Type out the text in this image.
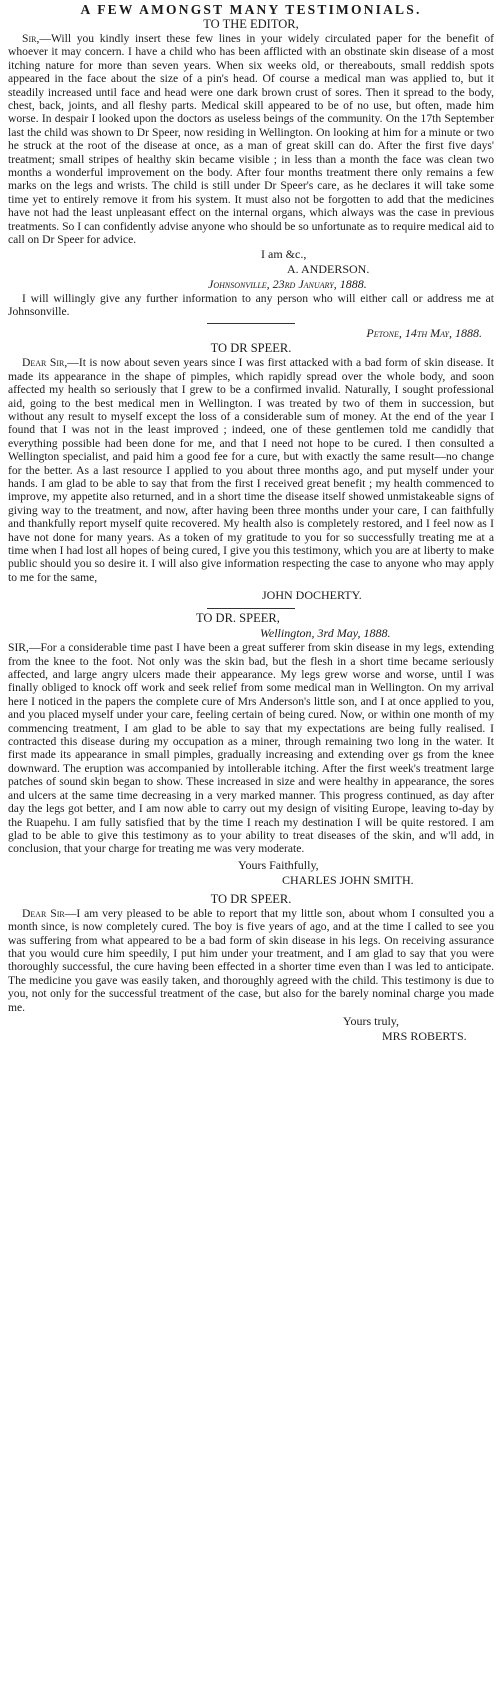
A FEW AMONGST MANY TESTIMONIALS.

TO THE EDITOR,

Sir,—Will you kindly insert these few lines in your widely circulated paper for the benefit of whoever it may concern. I have a child who has been afflicted with an obstinate skin disease of a most itching nature for more than seven years. When six weeks old, or thereabouts, small reddish spots appeared in the face about the size of a pin's head. Of course a medical man was applied to, but it steadily increased until face and head were one dark brown crust of sores. Then it spread to the body, chest, back, joints, and all fleshy parts. Medical skill appeared to be of no use, but often, made him worse. In despair I looked upon the doctors as useless beings of the community. On the 17th September last the child was shown to Dr Speer, now residing in Wellington. On looking at him for a minute or two he struck at the root of the disease at once, as a man of great skill can do. After the first five days' treatment; small stripes of healthy skin became visible ; in less than a month the face was clean two months a wonderful improvement on the body. After four months treatment there only remains a few marks on the legs and wrists. The child is still under Dr Speer's care, as he declares it will take some time yet to entirely remove it from his system. It must also not be forgotten to add that the medicines have not had the least unpleasant effect on the internal organs, which always was the case in previous treatments. So I can confidently advise anyone who should be so unfortunate as to require medical aid to call on Dr Speer for advice.

I am &c.,

A. ANDERSON.

Johnsonville, 23rd January, 1888.

I will willingly give any further information to any person who will either call or address me at Johnsonville.

Petone, 14th May, 1888.

TO DR SPEER.

Dear Sir,—It is now about seven years since I was first attacked with a bad form of skin disease. It made its appearance in the shape of pimples, which rapidly spread over the whole body, and soon affected my health so seriously that I grew to be a confirmed invalid. Naturally, I sought professional aid, going to the best medical men in Wellington. I was treated by two of them in succession, but without any result to myself except the loss of a considerable sum of money. At the end of the year I found that I was not in the least improved ; indeed, one of these gentlemen told me candidly that everything possible had been done for me, and that I need not hope to be cured. I then consulted a Wellington specialist, and paid him a good fee for a cure, but with exactly the same result—no change for the better. As a last resource I applied to you about three months ago, and put myself under your hands. I am glad to be able to say that from the first I received great benefit ; my health commenced to improve, my appetite also returned, and in a short time the disease itself showed unmistakeable signs of giving way to the treatment, and now, after having been three months under your care, I can faithfully and thankfully report myself quite recovered. My health also is completely restored, and I feel now as I have not done for many years. As a token of my gratitude to you for so successfully treating me at a time when I had lost all hopes of being cured, I give you this testimony, which you are at liberty to make public should you so desire it. I will also give information respecting the case to anyone who may apply to me for the same,

JOHN DOCHERTY.

TO DR. SPEER,

Wellington, 3rd May, 1888.

SIR,—For a considerable time past I have been a great sufferer from skin disease in my legs, extending from the knee to the foot. Not only was the skin bad, but the flesh in a short time became seriously affected, and large angry ulcers made their appearance. My legs grew worse and worse, until I was finally obliged to knock off work and seek relief from some medical man in Wellington. On my arrival here I noticed in the papers the complete cure of Mrs Anderson's little son, and I at once applied to you, and you placed myself under your care, feeling certain of being cured. Now, or within one month of my commencing treatment, I am glad to be able to say that my expectations are being fully realised. I contracted this disease during my occupation as a miner, through remaining two long in the water. It first made its appearance in small pimples, gradually increasing and extending over gs from the knee downward. The eruption was accompanied by intollerable itching. After the first week's treatment large patches of sound skin began to show. These increased in size and were healthy in appearance, the sores and ulcers at the same time decreasing in a very marked manner. This progress continued, as day after day the legs got better, and I am now able to carry out my design of visiting Europe, leaving to-day by the Ruapehu. I am fully satisfied that by the time I reach my destination I will be quite restored. I am glad to be able to give this testimony as to your ability to treat diseases of the skin, and w'll add, in conclusion, that your charge for treating me was very moderate.

Yours Faithfully,

CHARLES JOHN SMITH.

TO DR SPEER.

Dear Sir—I am very pleased to be able to report that my little son, about whom I consulted you a month since, is now completely cured. The boy is five years of ago, and at the time I called to see you was suffering from what appeared to be a bad form of skin disease in his legs. On receiving assurance that you would cure him speedily, I put him under your treatment, and I am glad to say that you were thoroughly successful, the cure having been effected in a shorter time even than I was led to anticipate. The medicine you gave was easily taken, and thoroughly agreed with the child. This testimony is due to you, not only for the successful treatment of the case, but also for the barely nominal charge you made me.

Yours truly,

MRS ROBERTS.
